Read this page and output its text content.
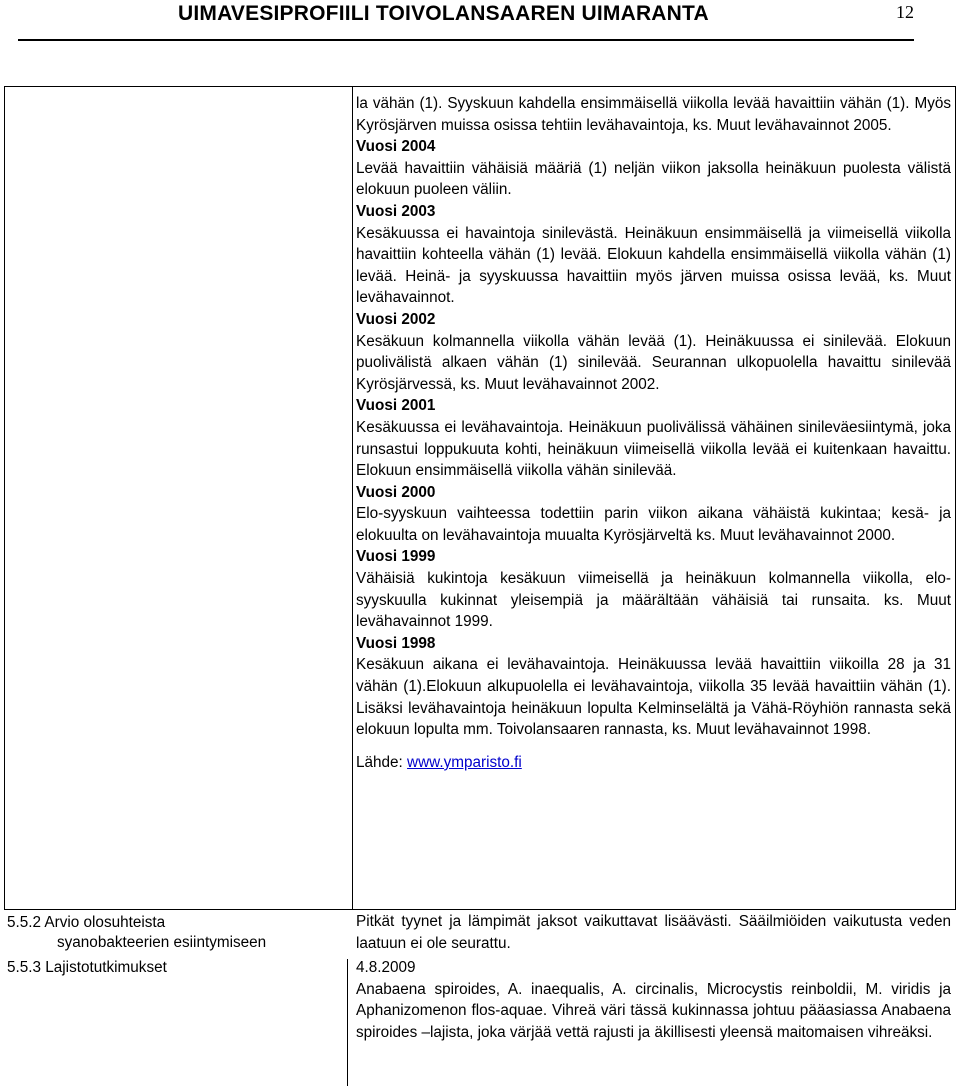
UIMAVESIPROFIILI TOIVOLANSAAREN UIMARANTA	12

la vähän (1). Syyskuun kahdella ensimmäisellä viikolla levää havaittiin vähän (1). Myös Kyrösjärven muissa osissa tehtiin levähavaintoja, ks. Muut levähavainnot 2005.

Vuosi 2004

Levää havaittiin vähäisiä määriä (1) neljän viikon jaksolla heinäkuun puolesta välistä elokuun puoleen väliin.

Vuosi 2003

Kesäkuussa ei havaintoja sinilevästä. Heinäkuun ensimmäisellä ja viimeisellä viikolla havaittiin kohteella vähän (1) levää. Elokuun kahdella ensimmäisellä viikolla vähän (1) levää. Heinä- ja syyskuussa havaittiin myös järven muissa osissa levää, ks. Muut levähavainnot.

Vuosi 2002

Kesäkuun kolmannella viikolla vähän levää (1). Heinäkuussa ei sinilevää. Elokuun puolivälistä alkaen vähän (1) sinilevää. Seurannan ulkopuolella havaittu sinilevää Kyrösjärvessä, ks. Muut levähavainnot 2002.

Vuosi 2001

Kesäkuussa ei levähavaintoja. Heinäkuun puolivälissä vähäinen sinileväesiintymä, joka runsastui loppukuuta kohti, heinäkuun viimeisellä viikolla levää ei kuitenkaan havaittu. Elokuun ensimmäisellä viikolla vähän sinilevää.

Vuosi 2000

Elo-syyskuun vaihteessa todettiin parin viikon aikana vähäistä kukintaa; kesä- ja elokuulta on levähavaintoja muualta Kyrösjärveltä ks. Muut levähavainnot 2000.

Vuosi 1999

Vähäisiä kukintoja kesäkuun viimeisellä ja heinäkuun kolmannella viikolla, elo-syyskuulla kukinnat yleisempiä ja määrältään vähäisiä tai runsaita. ks. Muut levähavainnot 1999.

Vuosi 1998

Kesäkuun aikana ei levähavaintoja. Heinäkuussa levää havaittiin viikoilla 28 ja 31 vähän (1).Elokuun alkupuolella ei levähavaintoja, viikolla 35 levää havaittiin vähän (1). Lisäksi levähavaintoja heinäkuun lopulta Kelminselältä ja Vähä-Röyhiön rannasta sekä elokuun lopulta mm. Toivolansaaren rannasta, ks. Muut levähavainnot 1998.

Lähde: www.ymparisto.fi

5.5.2 Arvio olosuhteista
syanobakteerien esiintymiseen

Pitkät tyynet ja lämpimät jaksot vaikuttavat lisäävästi. Sääilmiöiden vaikutusta veden laatuun ei ole seurattu.

5.5.3 Lajistotutkimukset	4.8.2009

Anabaena spiroides, A. inaequalis, A. circinalis, Microcystis reinboldii, M. viridis ja Aphanizomenon flos-aquae. Vihreä väri tässä kukinnassa johtuu pääasiassa Anabaena spiroides –lajista, joka värjää vettä rajusti ja äkillisesti yleensä maitomaisen vihreäksi.
